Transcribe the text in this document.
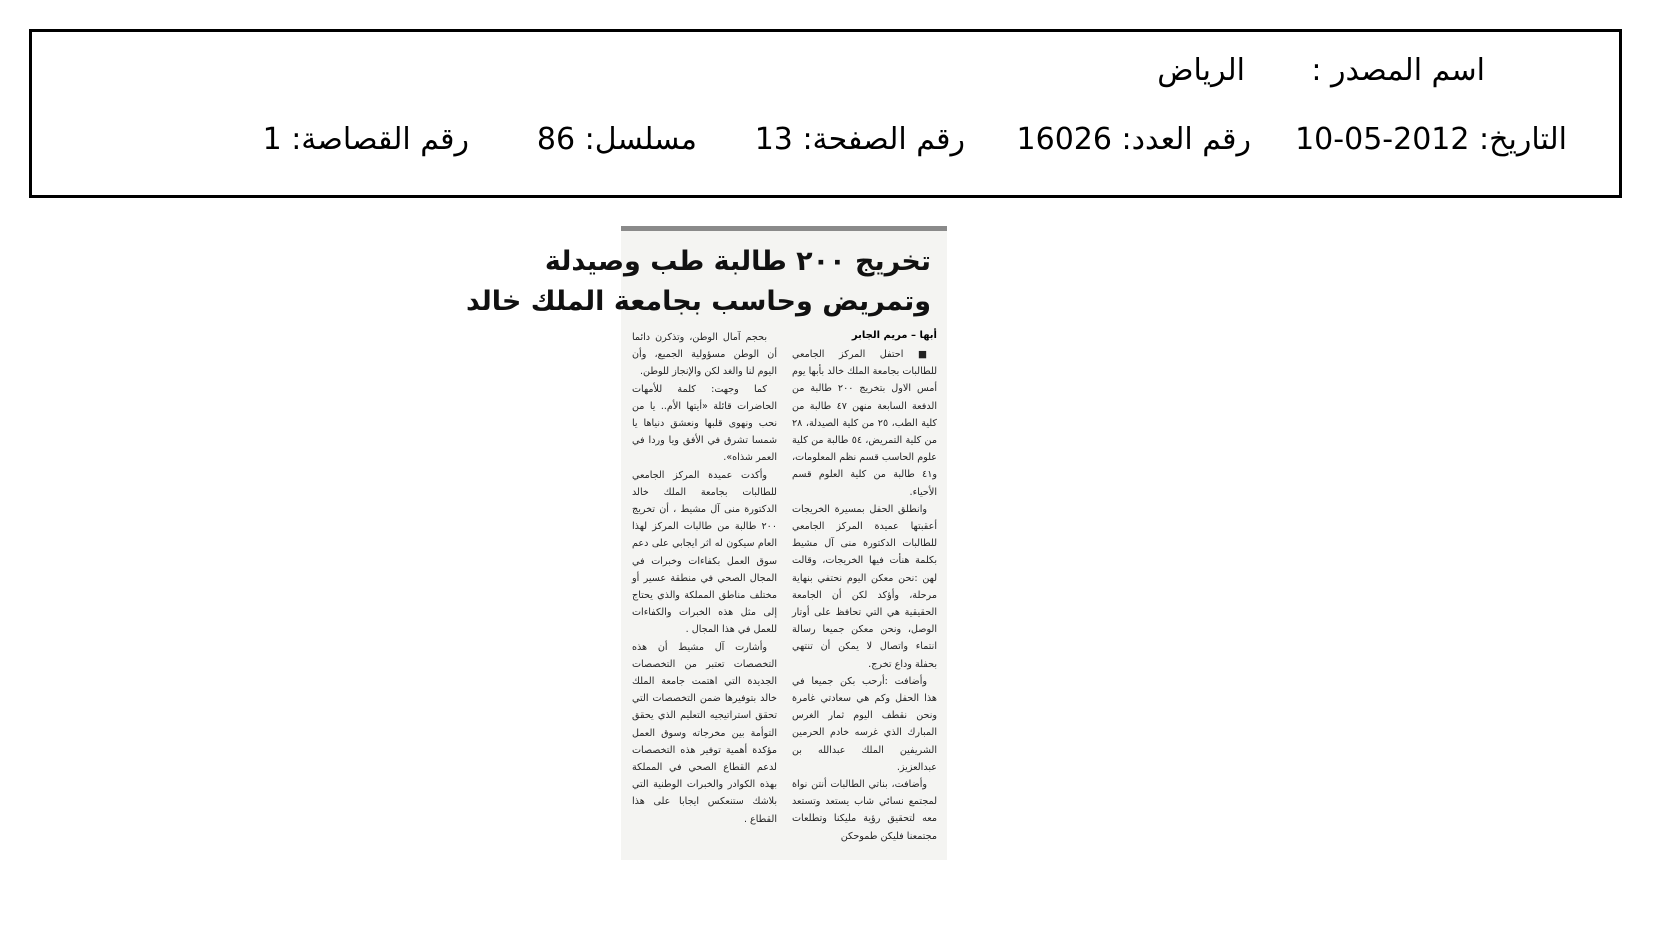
اسم المصدر :
الرياض
التاريخ: 2012-05-10
رقم العدد: 16026
رقم الصفحة: 13
مسلسل: 86
رقم القصاصة: 1
تخريج ٢٠٠ طالبة طب وصيدلة
وتمريض وحاسب بجامعة الملك خالد
أبها – مريم الجابر

■ احتفل المركز الجامعي للطالبات بجامعة الملك خالد بأبها يوم أمس الاول بتخريج ٢٠٠ طالبة من الدفعة السابعة منهن ٤٧ طالبة من كلية الطب، ٢٥ من كلية الصيدلة، ٢٨ من كلية التمريض، ٥٤ طالبة من كلية علوم الحاسب قسم نظم المعلومات، و٤١ طالبة من كلية العلوم قسم الأحياء.

وانطلق الحفل بمسيرة الخريجات أعقبتها عميدة المركز الجامعي للطالبات الدكتورة منى آل مشيط بكلمة هنأت فيها الخريجات، وقالت لهن :نحن معكن اليوم نحتفي بنهاية مرحلة، وأؤكد لكن أن الجامعة الحقيقية هي التي تحافظ على أوتار الوصل، ونحن معكن جميعا رسالة انتماء واتصال لا يمكن أن تنتهي بحفلة وداع تخرج.

وأضافت :أرحب بكن جميعا في هذا الحفل وكم هي سعادتي غامرة ونحن نقطف اليوم ثمار الغرس المبارك الذي غرسه خادم الحرمين الشريفين الملك عبدالله بن عبدالعزيز.

وأضافت، بناتي الطالبات أنتن نواة لمجتمع نسائي شاب يستعد وتستعد معه لتحقيق رؤية مليكنا وتطلعات مجتمعنا فليكن طموحكن

بحجم آمال الوطن، وتذكرن دائما أن الوطن مسؤولية الجميع، وأن اليوم لنا والغد لكن والإنجاز للوطن.

كما وجهت: كلمة للأمهات الحاضرات قائلة «أيتها الأم.. يا من نحب ونهوى قلبها ونعشق دنياها يا شمسا تشرق في الأفق ويا وردا في العمر شذاه».

وأكدت عميدة المركز الجامعي للطالبات بجامعة الملك خالد الدكتورة منى آل مشيط ، أن تخريج ٢٠٠ طالبة من طالبات المركز لهذا العام سيكون له اثر ايجابي على دعم سوق العمل بكفاءات وخبرات في المجال الصحي في منطقة عسير أو مختلف مناطق المملكة والذي يحتاج إلى مثل هذه الخبرات والكفاءات للعمل في هذا المجال .

وأشارت آل مشيط أن هذه التخصصات تعتبر من التخصصات الجديدة التي اهتمت جامعة الملك خالد بتوفيرها ضمن التخصصات التي تحقق استراتيجيه التعليم الذي يحقق التوأمة بين مخرجاته وسوق العمل مؤكدة أهمية توفير هذه التخصصات لدعم القطاع الصحي في المملكة بهذه الكوادر والخبرات الوطنية التي بلاشك ستنعكس ايجابا على هذا القطاع .
